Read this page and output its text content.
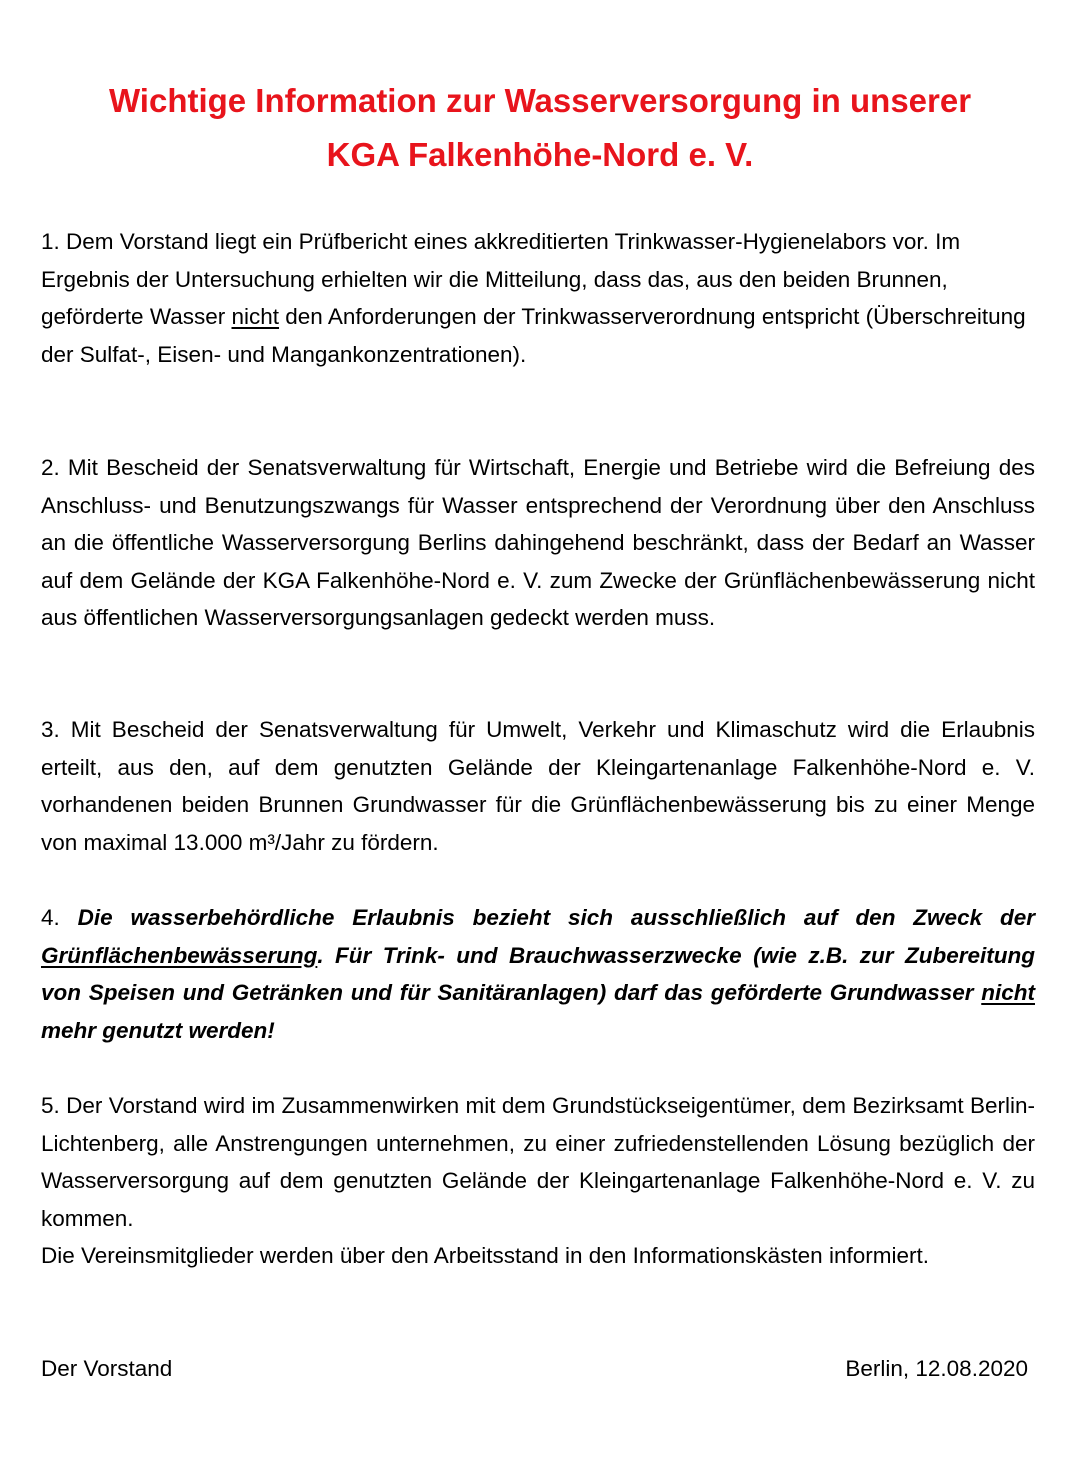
Wichtige Information zur Wasserversorgung in unserer
KGA Falkenhöhe-Nord e. V.

1. Dem Vorstand liegt ein Prüfbericht eines akkreditierten Trinkwasser-Hygienelabors vor. Im Ergebnis der Untersuchung erhielten wir die Mitteilung, dass das, aus den beiden Brunnen, geförderte Wasser nicht den Anforderungen der Trinkwasserverordnung entspricht (Überschreitung der Sulfat-, Eisen- und Mangankonzentrationen).

2. Mit Bescheid der Senatsverwaltung für Wirtschaft, Energie und Betriebe wird die Befreiung des Anschluss- und Benutzungszwangs für Wasser entsprechend der Verordnung über den Anschluss an die öffentliche Wasserversorgung Berlins dahingehend beschränkt, dass der Bedarf an Wasser auf dem Gelände der KGA Falkenhöhe-Nord e. V. zum Zwecke der Grünflächenbewässerung nicht aus öffentlichen Wasserversorgungsanlagen gedeckt werden muss.

3. Mit Bescheid der Senatsverwaltung für Umwelt, Verkehr und Klimaschutz wird die Erlaubnis erteilt, aus den, auf dem genutzten Gelände der Kleingartenanlage Falkenhöhe-Nord e. V. vorhandenen beiden Brunnen Grundwasser für die Grünflächenbewässerung bis zu einer Menge von maximal 13.000 m³/Jahr zu fördern.

4. Die wasserbehördliche Erlaubnis bezieht sich ausschließlich auf den Zweck der Grünflächenbewässerung. Für Trink- und Brauchwasserzwecke (wie z.B. zur Zubereitung von Speisen und Getränken und für Sanitäranlagen) darf das geförderte Grundwasser nicht mehr genutzt werden!

5. Der Vorstand wird im Zusammenwirken mit dem Grundstückseigentümer, dem Bezirksamt Berlin-Lichtenberg, alle Anstrengungen unternehmen, zu einer zufriedenstellenden Lösung bezüglich der Wasserversorgung auf dem genutzten Gelände der Kleingartenanlage Falkenhöhe-Nord e. V. zu kommen.

Die Vereinsmitglieder werden über den Arbeitsstand in den Informationskästen informiert.

Der Vorstand	Berlin, 12.08.2020
